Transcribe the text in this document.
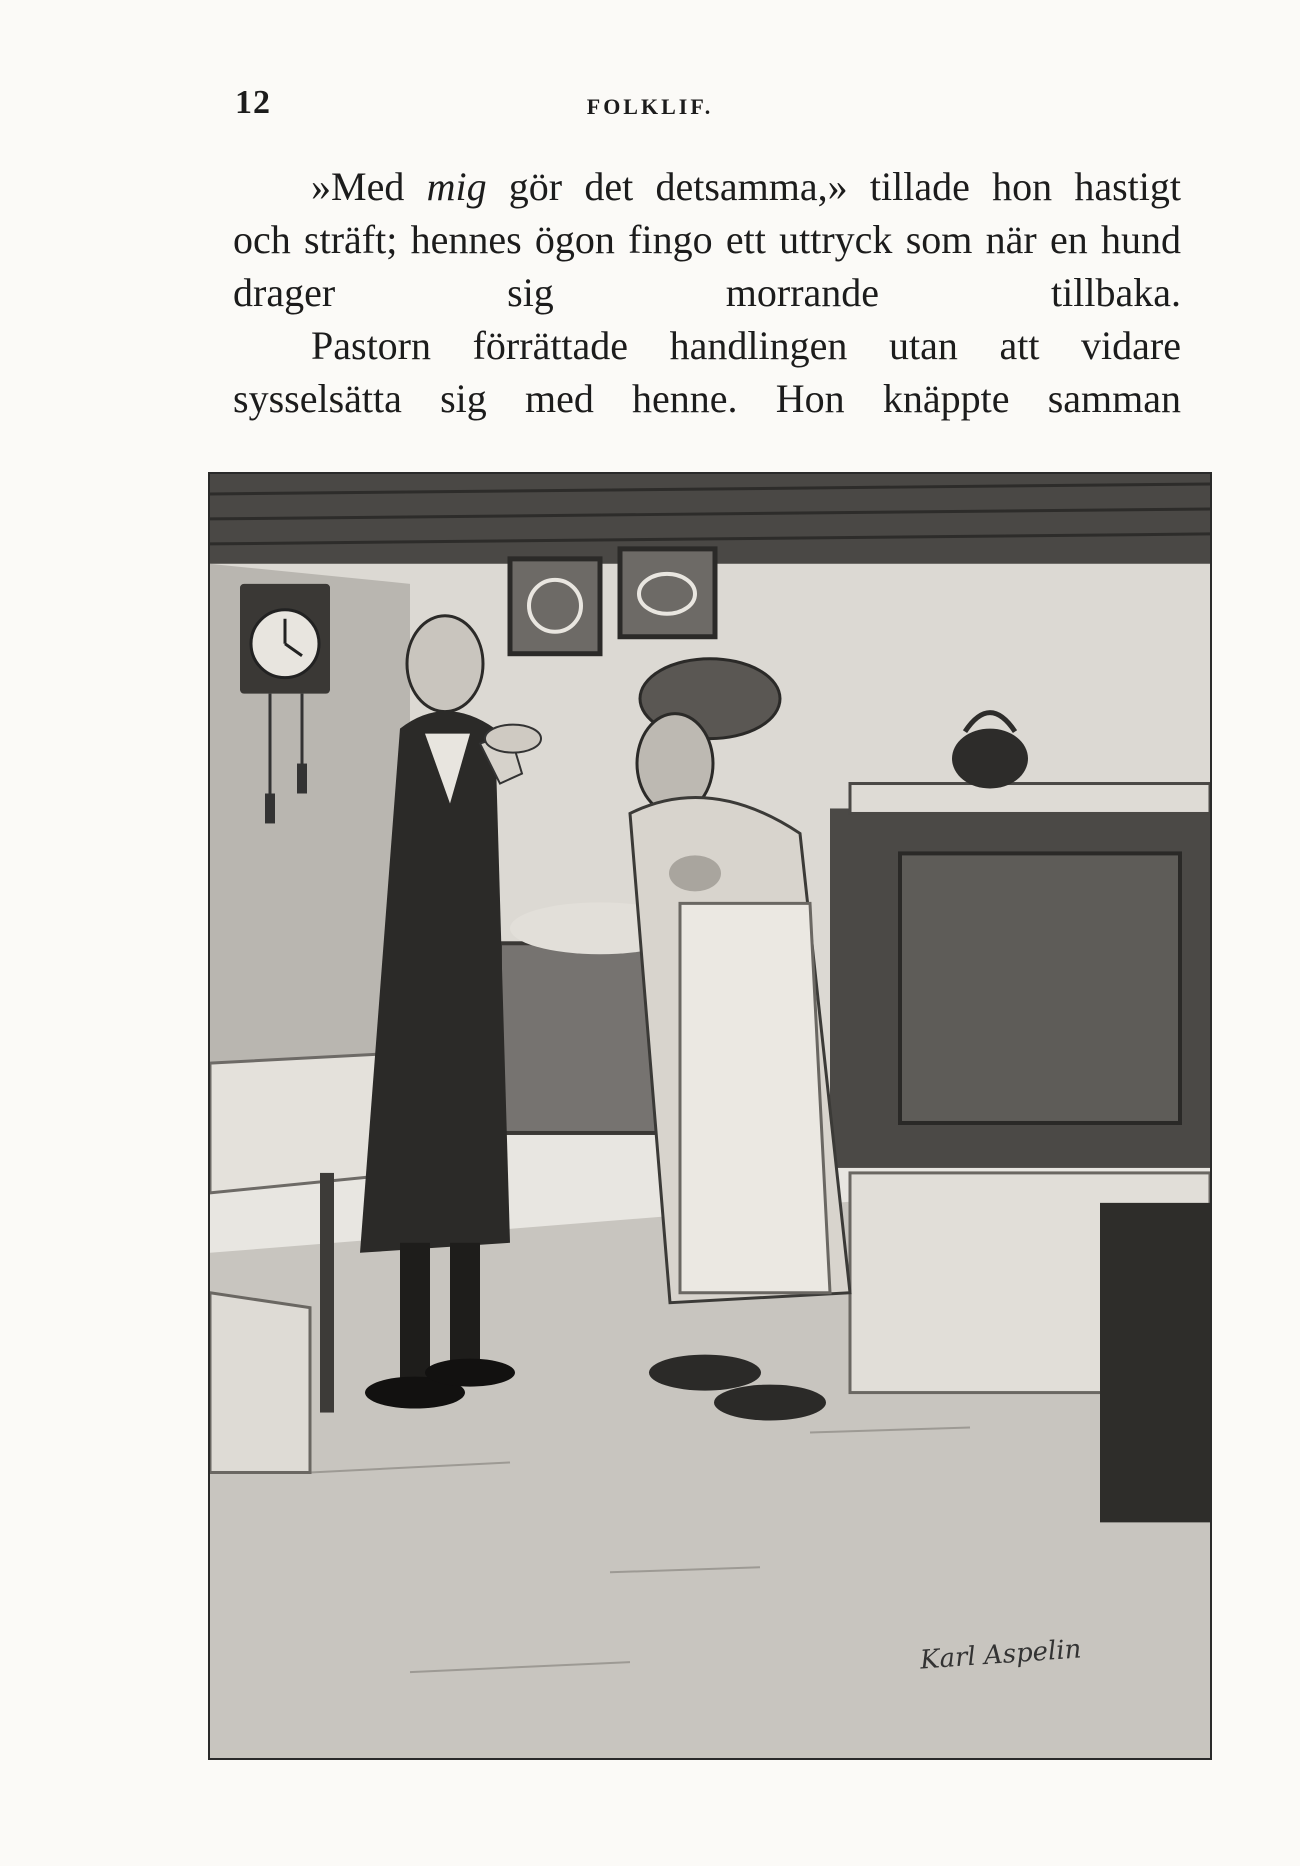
12	FOLKLIF.

»Med mig gör det detsamma,» tillade hon hastigt och sträft; hennes ögon fingo ett uttryck som när en hund drager sig morrande tillbaka.

Pastorn förrättade handlingen utan att vidare sysselsätta sig med henne. Hon knäppte samman

Karl Aspelin
